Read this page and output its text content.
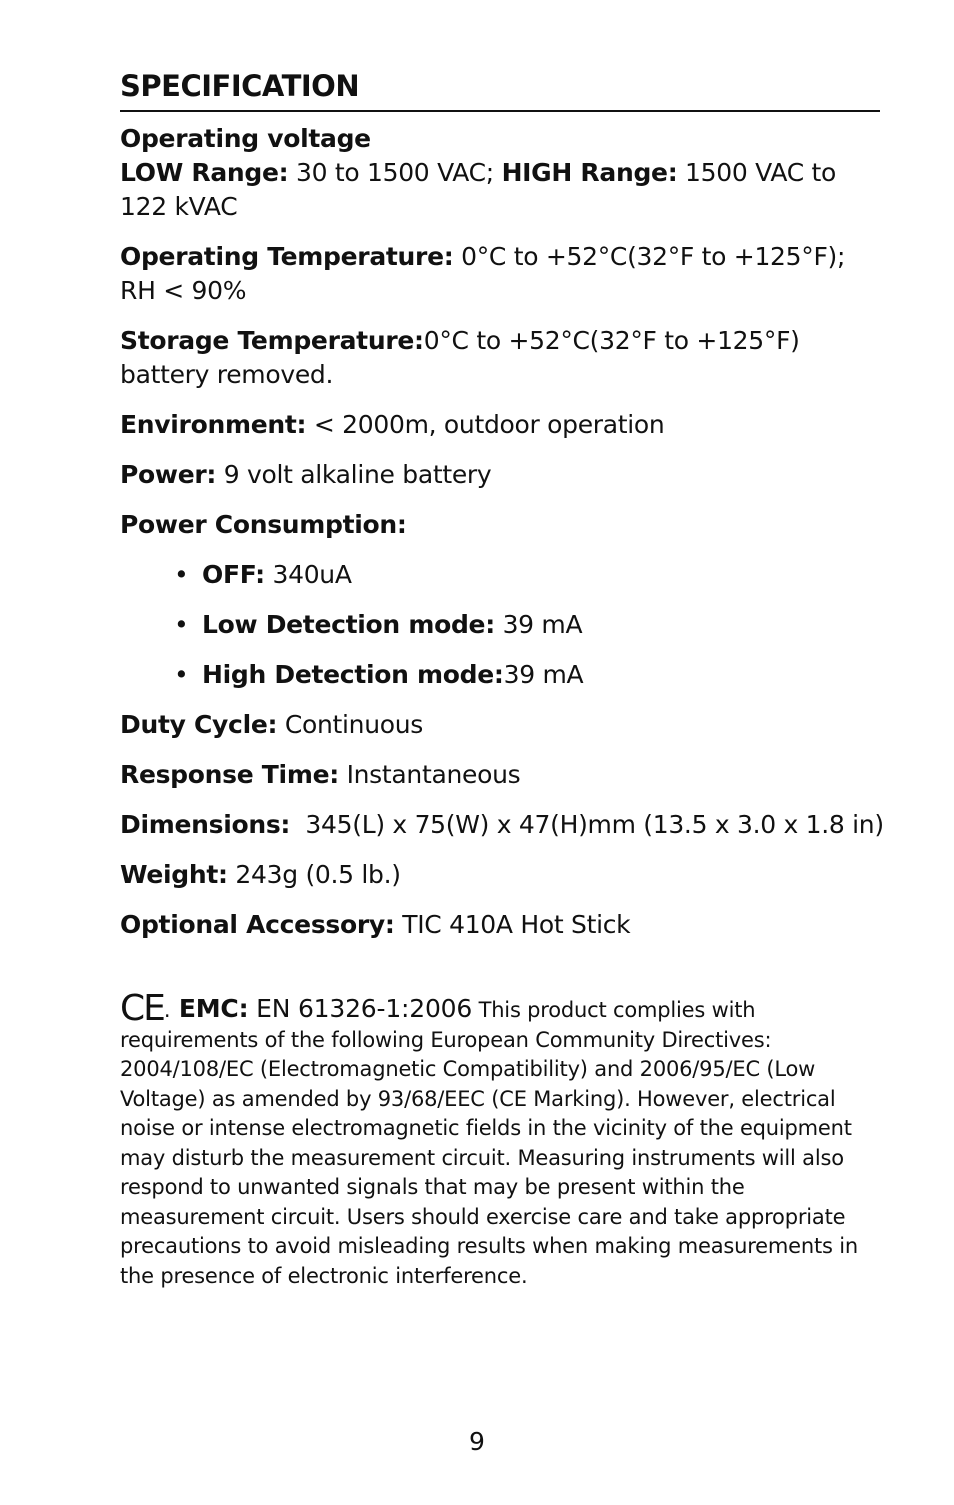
SPECIFICATION

Operating voltage
LOW Range: 30 to 1500 VAC; HIGH Range: 1500 VAC to 122 kVAC

Operating Temperature: 0°C to +52°C(32°F to +125°F); RH < 90%

Storage Temperature:0°C to +52°C(32°F to +125°F) battery removed.

Environment: < 2000m, outdoor operation

Power: 9 volt alkaline battery

Power Consumption:

• OFF: 340uA
• Low Detection mode: 39 mA
• High Detection mode:39 mA

Duty Cycle: Continuous

Response Time: Instantaneous

Dimensions:  345(L) x 75(W) x 47(H)mm (13.5 x 3.0 x 1.8 in)

Weight: 243g (0.5 lb.)

Optional Accessory: TIC 410A Hot Stick

CE. EMC: EN 61326-1:2006 This product complies with requirements of the following European Community Directives: 2004/108/EC (Electromagnetic Compatibility) and 2006/95/EC (Low Voltage) as amended by 93/68/EEC (CE Marking). However, electrical noise or intense electromagnetic fields in the vicinity of the equipment may disturb the measurement circuit. Measuring instruments will also respond to unwanted signals that may be present within the measurement circuit. Users should exercise care and take appropriate precautions to avoid misleading results when making measurements in the presence of electronic interference.
9
